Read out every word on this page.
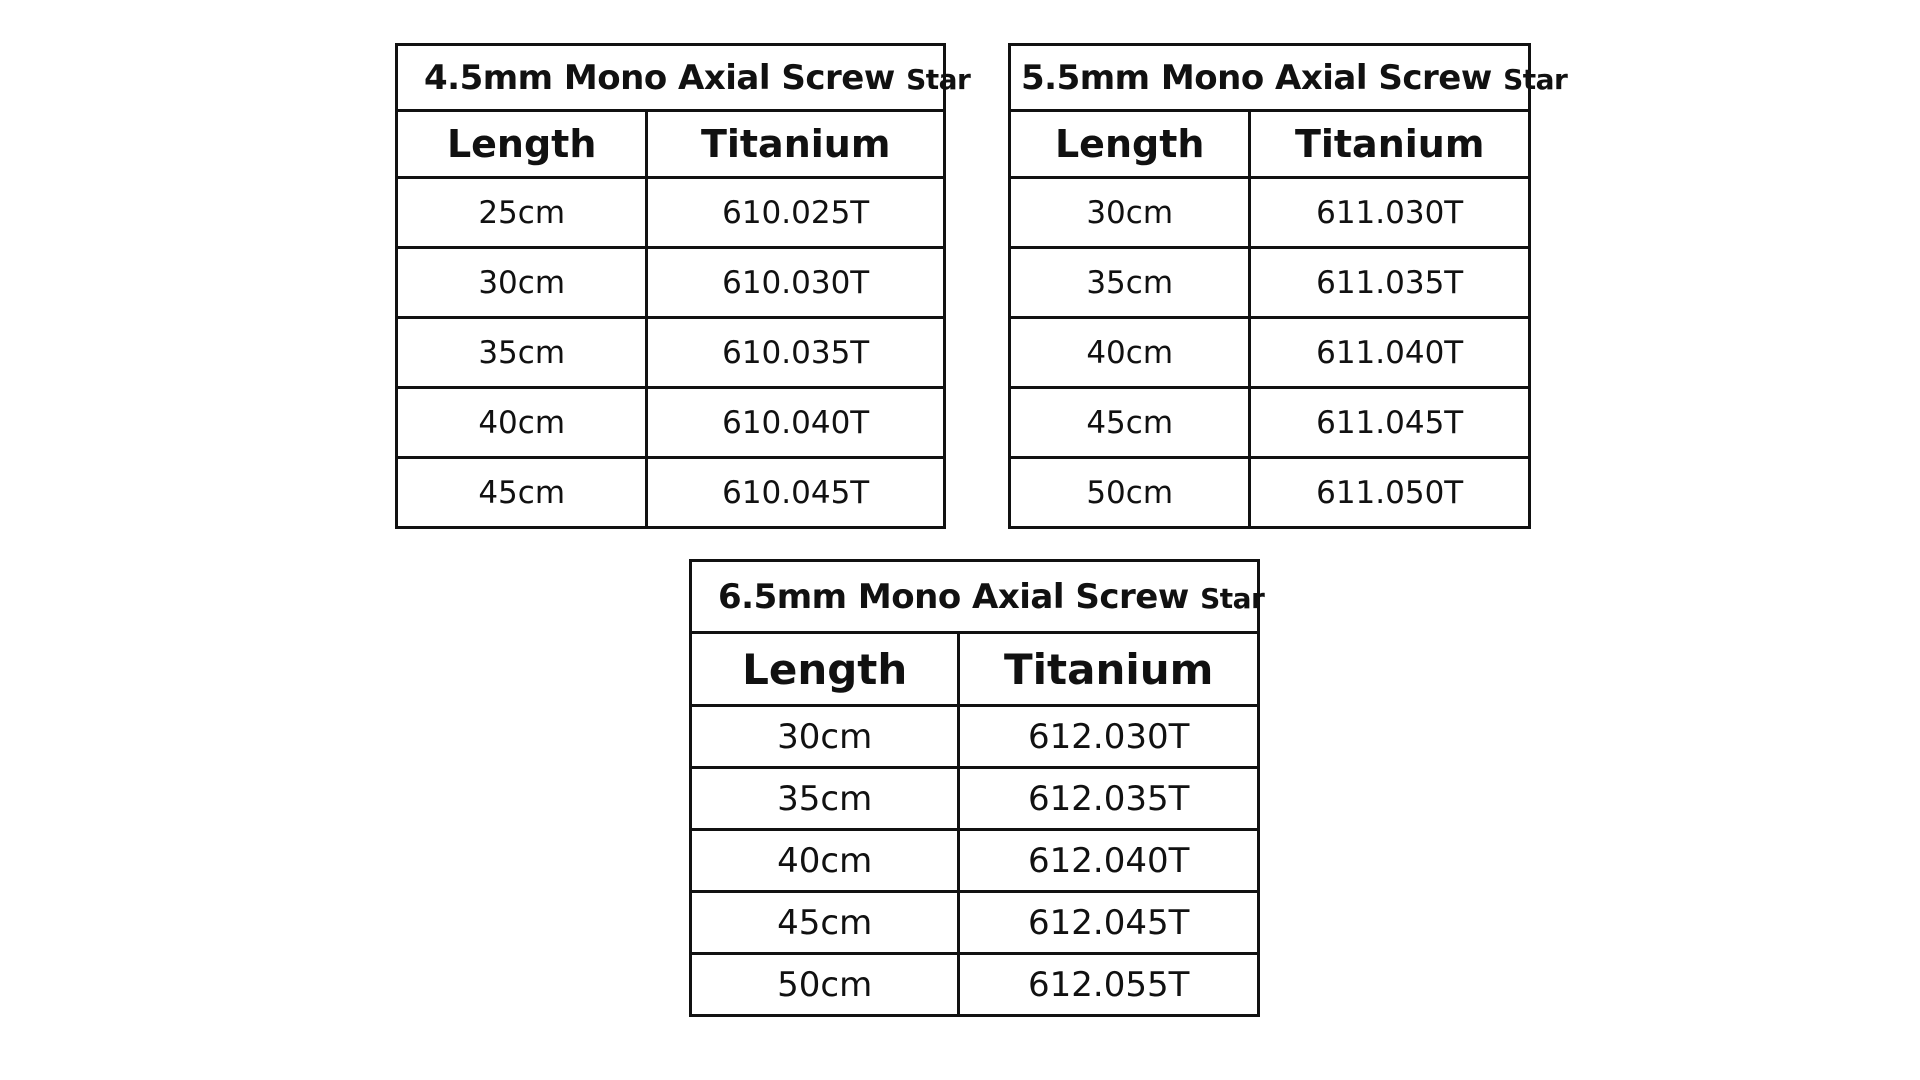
4.5mm Mono Axial Screw Star	
Length	Titanium
25cm	610.025T
30cm	610.030T
35cm	610.035T
40cm	610.040T
45cm	610.045T
5.5mm Mono Axial Screw Star	
Length	Titanium
30cm	611.030T
35cm	611.035T
40cm	611.040T
45cm	611.045T
50cm	611.050T
6.5mm Mono Axial Screw Star	
Length	Titanium
30cm	612.030T
35cm	612.035T
40cm	612.040T
45cm	612.045T
50cm	612.055T
